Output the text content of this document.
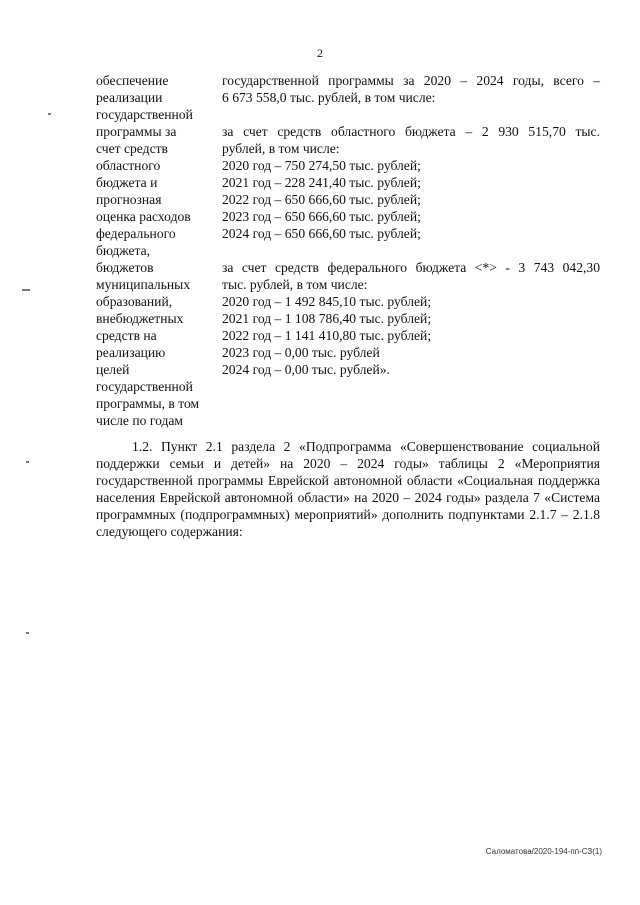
2
обеспечение
реализации
государственной
программы за
счет средств
областного
бюджета и
прогнозная
оценка расходов
федерального
бюджета,
бюджетов
муниципальных
образований,
внебюджетных
средств на
реализацию
целей
государственной
программы, в том
числе по годам
государственной программы за 2020 – 2024 годы, всего –
6 673 558,0 тыс. рублей, в том числе:
за счет средств областного бюджета – 2 930 515,70 тыс.
рублей, в том числе:
2020 год – 750 274,50 тыс. рублей;
2021 год – 228 241,40 тыс. рублей;
2022 год – 650 666,60 тыс. рублей;
2023 год – 650 666,60 тыс. рублей;
2024 год – 650 666,60 тыс. рублей;
за счет средств федерального бюджета <*> - 3 743 042,30
тыс. рублей, в том числе:
2020 год – 1 492 845,10 тыс. рублей;
2021 год – 1 108 786,40 тыс. рублей;
2022 год – 1 141 410,80 тыс. рублей;
2023 год – 0,00 тыс. рублей
2024 год – 0,00 тыс. рублей».
1.2. Пункт 2.1 раздела 2 «Подпрограмма «Совершенствование социальной поддержки семьи и детей» на 2020 – 2024 годы» таблицы 2 «Мероприятия государственной программы Еврейской автономной области «Социальная поддержка населения Еврейской автономной области» на 2020 – 2024 годы» раздела 7 «Система программных (подпрограммных) мероприятий» дополнить подпунктами 2.1.7 – 2.1.8 следующего содержания:
Саломатова/2020-194-пп-СЗ(1)
